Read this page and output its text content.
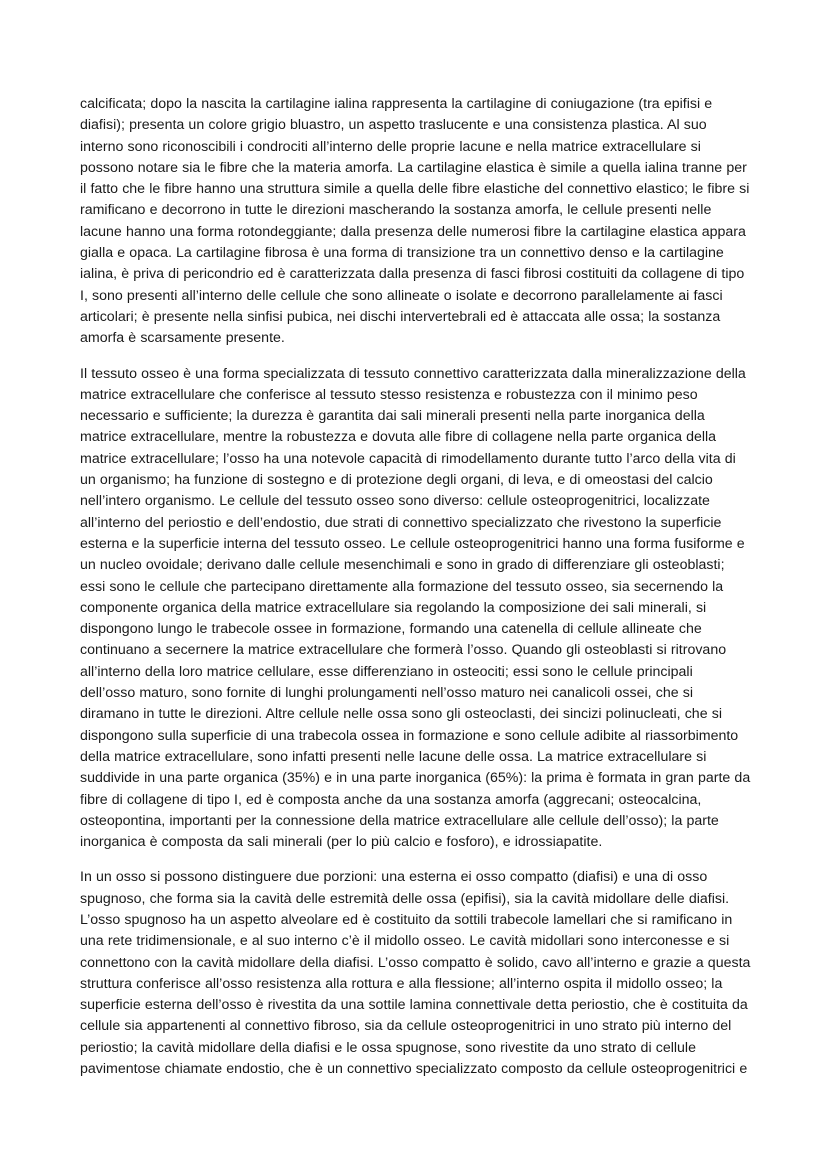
calcificata; dopo la nascita la cartilagine ialina rappresenta la cartilagine di coniugazione (tra epifisi e diafisi); presenta un colore grigio bluastro, un aspetto traslucente e una consistenza plastica. Al suo interno sono riconoscibili i condrociti all’interno delle proprie lacune e nella matrice extracellulare si possono notare sia le fibre che la materia amorfa. La cartilagine elastica è simile a quella ialina tranne per il fatto che le fibre hanno una struttura simile a quella delle fibre elastiche del connettivo elastico; le fibre si ramificano e decorrono in tutte le direzioni mascherando la sostanza amorfa, le cellule presenti nelle lacune hanno una forma rotondeggiante; dalla presenza delle numerosi fibre la cartilagine elastica appara gialla e opaca. La cartilagine fibrosa è una forma di transizione tra un connettivo denso e la cartilagine ialina, è priva di pericondrio ed è caratterizzata dalla presenza di fasci fibrosi costituiti da collagene di tipo I, sono presenti all’interno delle cellule che sono allineate o isolate e decorrono parallelamente ai fasci articolari; è presente nella sinfisi pubica, nei dischi intervertebrali ed è attaccata alle ossa; la sostanza amorfa è scarsamente presente.

Il tessuto osseo è una forma specializzata di tessuto connettivo caratterizzata dalla mineralizzazione della matrice extracellulare che conferisce al tessuto stesso resistenza e robustezza con il minimo peso necessario e sufficiente; la durezza è garantita dai sali minerali presenti nella parte inorganica della matrice extracellulare, mentre la robustezza e dovuta alle fibre di collagene nella parte organica della matrice extracellulare; l’osso ha una notevole capacità di rimodellamento durante tutto l’arco della vita di un organismo; ha funzione di sostegno e di protezione degli organi, di leva, e di omeostasi del calcio nell’intero organismo. Le cellule del tessuto osseo sono diverso: cellule osteoprogenitrici, localizzate all’interno del periostio e dell’endostio, due strati di connettivo specializzato che rivestono la superficie esterna e la superficie interna del tessuto osseo. Le cellule osteoprogenitrici hanno una forma fusiforme e un nucleo ovoidale; derivano dalle cellule mesenchimali e sono in grado di differenziare gli osteoblasti; essi sono le cellule che partecipano direttamente alla formazione del tessuto osseo, sia secernendo la componente organica della matrice extracellulare sia regolando la composizione dei sali minerali, si dispongono lungo le trabecole ossee in formazione, formando una catenella di cellule allineate che continuano a secernere la matrice extracellulare che formerà l’osso. Quando gli osteoblasti si ritrovano all’interno della loro matrice cellulare, esse differenziano in osteociti; essi sono le cellule principali dell’osso maturo, sono fornite di lunghi prolungamenti nell’osso maturo nei canalicoli ossei, che si diramano in tutte le direzioni. Altre cellule nelle ossa sono gli osteoclasti, dei sincizi polinucleati, che si dispongono sulla superficie di una trabecola ossea in formazione e sono cellule adibite al riassorbimento della matrice extracellulare, sono infatti presenti nelle lacune delle ossa. La matrice extracellulare si suddivide in una parte organica (35%) e in una parte inorganica (65%): la prima è formata in gran parte da fibre di collagene di tipo I, ed è composta anche da una sostanza amorfa (aggrecani; osteocalcina, osteopontina, importanti per la connessione della matrice extracellulare alle cellule dell’osso); la parte inorganica è composta da sali minerali (per lo più calcio e fosforo), e idrossiapatite.

In un osso si possono distinguere due porzioni: una esterna ei osso compatto (diafisi) e una di osso spugnoso, che forma sia la cavità delle estremità delle ossa (epifisi), sia la cavità midollare delle diafisi. L’osso spugnoso ha un aspetto alveolare ed è costituito da sottili trabecole lamellari che si ramificano in una rete tridimensionale, e al suo interno c’è il midollo osseo. Le cavità midollari sono interconesse e si connettono con la cavità midollare della diafisi. L’osso compatto è solido, cavo all’interno e grazie a questa struttura conferisce all’osso resistenza alla rottura e alla flessione; all’interno ospita il midollo osseo; la superficie esterna dell’osso è rivestita da una sottile lamina connettivale detta periostio, che è costituita da cellule sia appartenenti al connettivo fibroso, sia da cellule osteoprogenitrici in uno strato più interno del periostio; la cavità midollare della diafisi e le ossa spugnose, sono rivestite da uno strato di cellule pavimentose chiamate endostio, che è un connettivo specializzato composto da cellule osteoprogenitrici e
